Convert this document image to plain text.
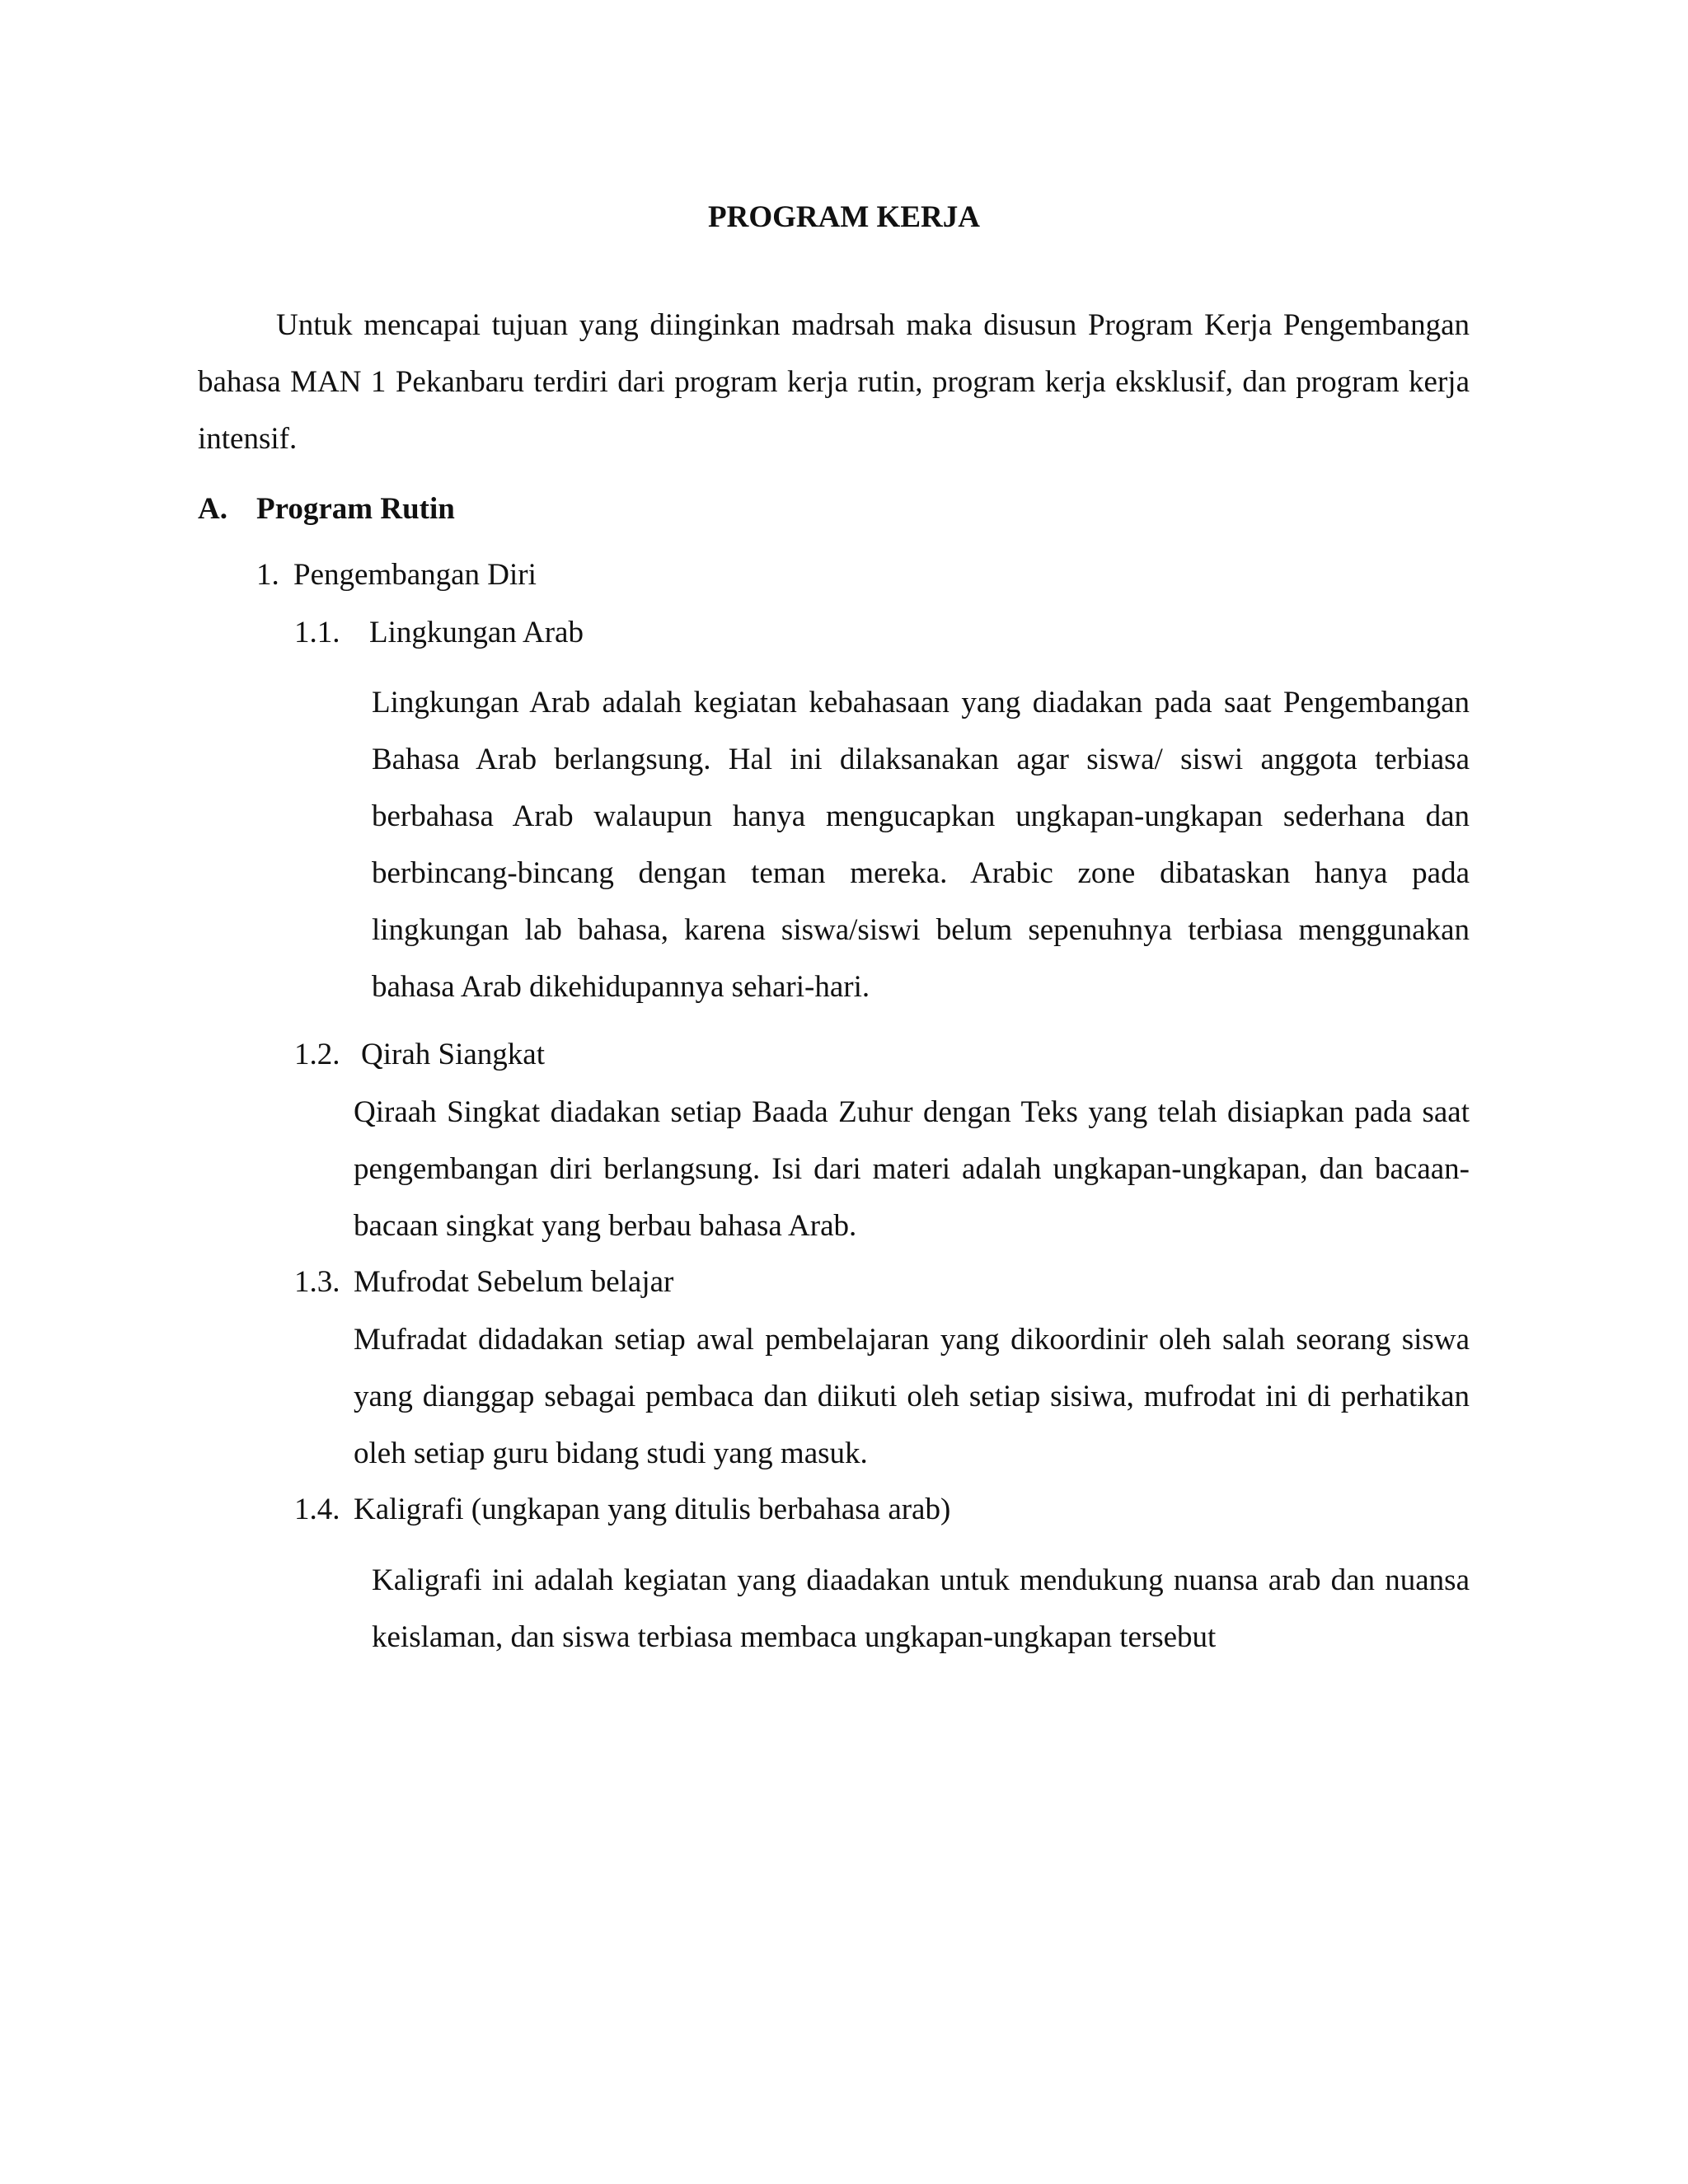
PROGRAM KERJA

Untuk mencapai tujuan yang diinginkan madrsah maka disusun Program Kerja Pengembangan bahasa MAN 1 Pekanbaru terdiri dari program kerja rutin, program kerja eksklusif, dan program kerja intensif.

A. Program Rutin

1. Pengembangan Diri

1.1. Lingkungan Arab

Lingkungan Arab adalah kegiatan kebahasaan yang diadakan pada saat Pengembangan Bahasa Arab berlangsung. Hal ini dilaksanakan agar siswa/ siswi anggota terbiasa berbahasa Arab walaupun hanya mengucapkan ungkapan-ungkapan sederhana dan berbincang-bincang dengan teman mereka. Arabic zone dibataskan hanya pada lingkungan lab bahasa, karena siswa/siswi belum sepenuhnya terbiasa menggunakan bahasa Arab dikehidupannya sehari-hari.

1.2. Qirah Siangkat

Qiraah Singkat diadakan setiap Baada Zuhur dengan Teks yang telah disiapkan pada saat pengembangan diri berlangsung. Isi dari materi adalah ungkapan-ungkapan, dan bacaan-bacaan singkat yang berbau bahasa Arab.

1.3. Mufrodat Sebelum belajar

Mufradat didadakan setiap awal pembelajaran yang dikoordinir oleh salah seorang siswa yang dianggap sebagai pembaca dan diikuti oleh setiap sisiwa, mufrodat ini di perhatikan oleh setiap guru bidang studi yang masuk.

1.4. Kaligrafi (ungkapan yang ditulis berbahasa arab)

Kaligrafi ini adalah kegiatan yang diaadakan untuk mendukung nuansa arab dan nuansa keislaman, dan siswa terbiasa membaca ungkapan-ungkapan tersebut
